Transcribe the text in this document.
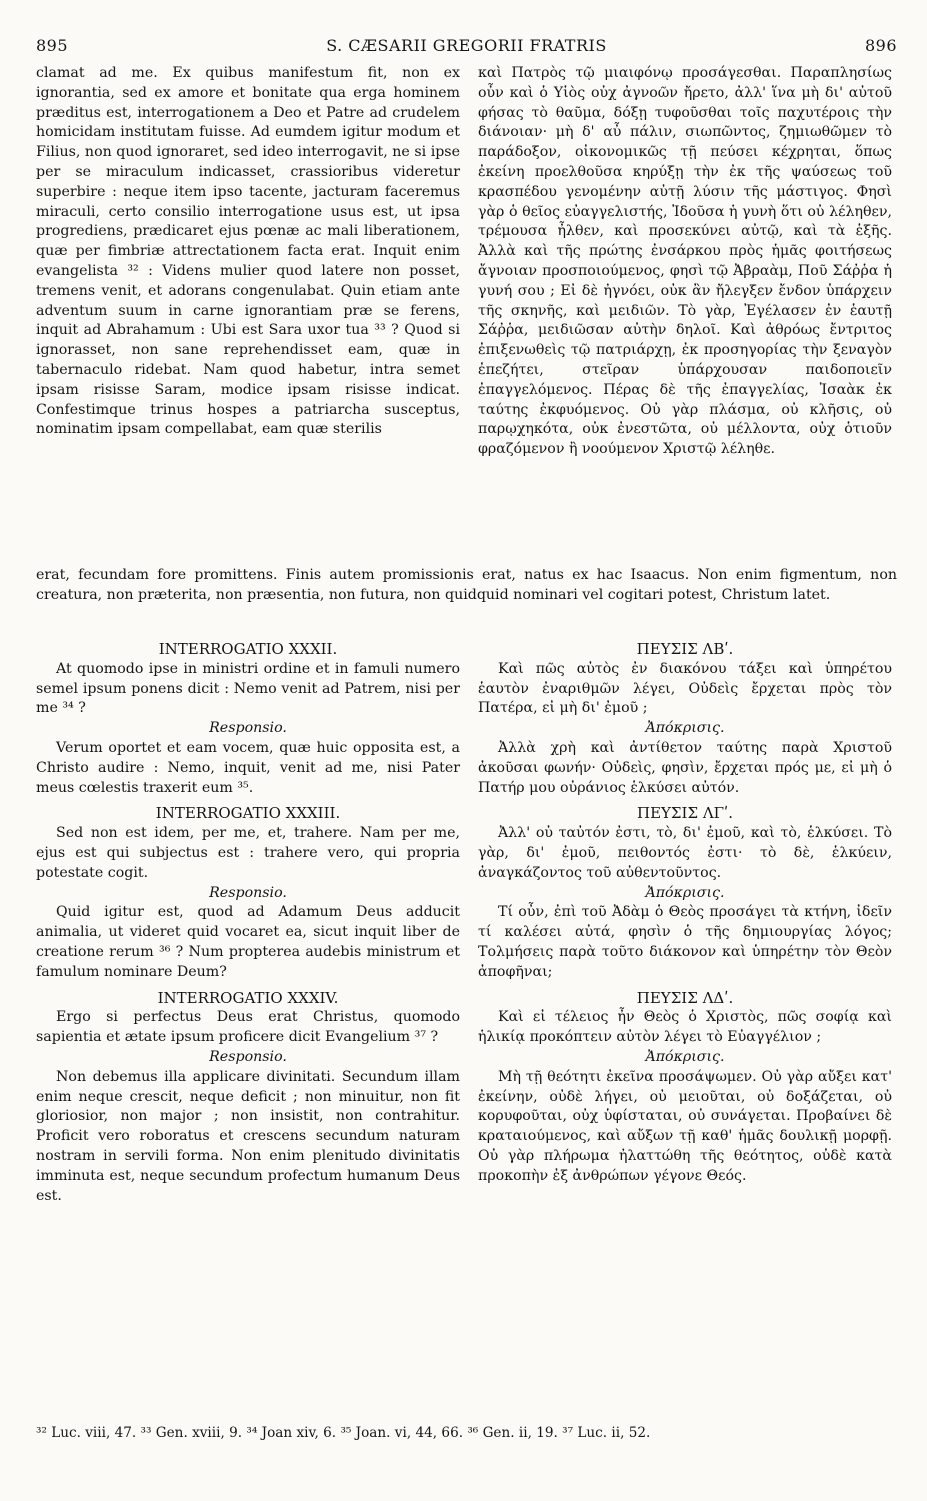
895	S. CÆSARII GREGORII FRATRIS	896

clamat ad me. Ex quibus manifestum fit, non ex ignorantia, sed ex amore et bonitate qua erga hominem præditus est, interrogationem a Deo et Patre ad crudelem homicidam institutam fuisse. Ad eumdem igitur modum et Filius, non quod ignoraret, sed ideo interrogavit, ne si ipse per se miraculum indicasset, crassioribus videretur superbire : neque item ipso tacente, jacturam faceremus miraculi, certo consilio interrogatione usus est, ut ipsa progrediens, prædicaret ejus pœnæ ac mali liberationem, quæ per fimbriæ attrectationem facta erat. Inquit enim evangelista ³² : Videns mulier quod latere non posset, tremens venit, et adorans congenulabat. Quin etiam ante adventum suum in carne ignorantiam præ se ferens, inquit ad Abrahamum : Ubi est Sara uxor tua ³³ ? Quod si ignorasset, non sane reprehendisset eam, quæ in tabernaculo ridebat. Nam quod habetur, intra semet ipsam risisse Saram, modice ipsam risisse indicat. Confestimque trinus hospes a patriarcha susceptus, nominatim ipsam compellabat, eam quæ sterilis

καὶ Πατρὸς τῷ μιαιφόνῳ προσάγεσθαι. Παραπλησίως οὖν καὶ ὁ Υἱὸς οὐχ ἀγνοῶν ἤρετο, ἀλλ' ἵνα μὴ δι' αὐτοῦ φήσας τὸ θαῦμα, δόξῃ τυφοῦσθαι τοῖς παχυτέροις τὴν διάνοιαν· μὴ δ' αὖ πάλιν, σιωπῶντος, ζημιωθῶμεν τὸ παράδοξον, οἰκονομικῶς τῇ πεύσει κέχρηται, ὅπως ἐκείνη προελθοῦσα κηρύξῃ τὴν ἐκ τῆς ψαύσεως τοῦ κρασπέδου γενομένην αὐτῇ λύσιν τῆς μάστιγος. Φησὶ γὰρ ὁ θεῖος εὐαγγελιστής, Ἰδοῦσα ἡ γυνὴ ὅτι οὐ λέληθεν, τρέμουσα ἦλθεν, καὶ προσεκύνει αὐτῷ, καὶ τὰ ἑξῆς. Ἀλλὰ καὶ τῆς πρώτης ἐνσάρκου πρὸς ἡμᾶς φοιτήσεως ἄγνοιαν προσποιούμενος, φησὶ τῷ Ἀβραὰμ, Ποῦ Σάῤῥα ἡ γυνή σου ; Εἰ δὲ ἠγνόει, οὐκ ἂν ἤλεγξεν ἔνδον ὑπάρχειν τῆς σκηνῆς, καὶ μειδιῶν. Τὸ γὰρ, Ἐγέλασεν ἐν ἑαυτῇ Σάῤῥα, μειδιῶσαν αὐτὴν δηλοῖ. Καὶ ἀθρόως ἔντριτος ἐπιξενωθεὶς τῷ πατριάρχῃ, ἐκ προσηγορίας τὴν ξεναγὸν ἐπεζήτει, στεῖραν ὑπάρχουσαν παιδοποιεῖν ἐπαγγελόμενος. Πέρας δὲ τῆς ἐπαγγελίας, Ἰσαὰκ ἐκ ταύτης ἐκφυόμενος. Οὐ γὰρ πλάσμα, οὐ κλῆσις, οὐ παρῳχηκότα, οὐκ ἐνεστῶτα, οὐ μέλλοντα, οὐχ ὁτιοῦν φραζόμενον ἢ νοούμενον Χριστῷ λέληθε.

erat, fecundam fore promittens. Finis autem promissionis erat, natus ex hac Isaacus. Non enim figmentum, non creatura, non præterita, non præsentia, non futura, non quidquid nominari vel cogitari potest, Christum latet.

INTERROGATIO XXXII.

At quomodo ipse in ministri ordine et in famuli numero semel ipsum ponens dicit : Nemo venit ad Patrem, nisi per me ³⁴ ?

Responsio.

Verum oportet et eam vocem, quæ huic opposita est, a Christo audire : Nemo, inquit, venit ad me, nisi Pater meus cœlestis traxerit eum ³⁵.

INTERROGATIO XXXIII.

Sed non est idem, per me, et, trahere. Nam per me, ejus est qui subjectus est : trahere vero, qui propria potestate cogit.

Responsio.

Quid igitur est, quod ad Adamum Deus adducit animalia, ut videret quid vocaret ea, sicut inquit liber de creatione rerum ³⁶ ? Num propterea audebis ministrum et famulum nominare Deum?

INTERROGATIO XXXIV.

Ergo si perfectus Deus erat Christus, quomodo sapientia et ætate ipsum proficere dicit Evangelium ³⁷ ?

Responsio.

Non debemus illa applicare divinitati. Secundum illam enim neque crescit, neque deficit ; non minuitur, non fit gloriosior, non major ; non insistit, non contrahitur. Proficit vero roboratus et crescens secundum naturam nostram in servili forma. Non enim plenitudo divinitatis imminuta est, neque secundum profectum humanum Deus est.

ΠΕΥΣΙΣ ΛΒʹ.

Καὶ πῶς αὐτὸς ἐν διακόνου τάξει καὶ ὑπηρέτου ἑαυτὸν ἐναριθμῶν λέγει, Οὐδεὶς ἔρχεται πρὸς τὸν Πατέρα, εἰ μὴ δι' ἐμοῦ ;

Ἀπόκρισις.

Ἀλλὰ χρὴ καὶ ἀντίθετον ταύτης παρὰ Χριστοῦ ἀκοῦσαι φωνήν· Οὐδεὶς, φησὶν, ἔρχεται πρός με, εἰ μὴ ὁ Πατήρ μου οὐράνιος ἑλκύσει αὐτόν.

ΠΕΥΣΙΣ ΛΓʹ.

Ἀλλ' οὐ ταὐτόν ἐστι, τὸ, δι' ἐμοῦ, καὶ τὸ, ἑλκύσει. Τὸ γὰρ, δι' ἐμοῦ, πειθοντός ἐστι· τὸ δὲ, ἑλκύειν, ἀναγκάζοντος τοῦ αὐθεντοῦντος.

Ἀπόκρισις.

Τί οὖν, ἐπὶ τοῦ Ἀδὰμ ὁ Θεὸς προσάγει τὰ κτήνη, ἰδεῖν τί καλέσει αὐτά, φησὶν ὁ τῆς δημιουργίας λόγος; Τολμήσεις παρὰ τοῦτο διάκονον καὶ ὑπηρέτην τὸν Θεὸν ἀποφῆναι;

ΠΕΥΣΙΣ ΛΔʹ.

Καὶ εἰ τέλειος ἦν Θεὸς ὁ Χριστὸς, πῶς σοφίᾳ καὶ ἡλικίᾳ προκόπτειν αὐτὸν λέγει τὸ Εὐαγγέλιον ;

Ἀπόκρισις.

Μὴ τῇ θεότητι ἐκεῖνα προσάψωμεν. Οὐ γὰρ αὔξει κατ' ἐκείνην, οὐδὲ λήγει, οὐ μειοῦται, οὐ δοξάζεται, οὐ κορυφοῦται, οὐχ ὑφίσταται, οὐ συνάγεται. Προβαίνει δὲ κραταιούμενος, καὶ αὔξων τῇ καθ' ἡμᾶς δουλικῇ μορφῇ. Οὐ γὰρ πλήρωμα ἠλαττώθη τῆς θεότητος, οὐδὲ κατὰ προκοπὴν ἐξ ἀνθρώπων γέγονε Θεός.

³² Luc. viii, 47. ³³ Gen. xviii, 9. ³⁴ Joan xiv, 6. ³⁵ Joan. vi, 44, 66. ³⁶ Gen. ii, 19. ³⁷ Luc. ii, 52.
